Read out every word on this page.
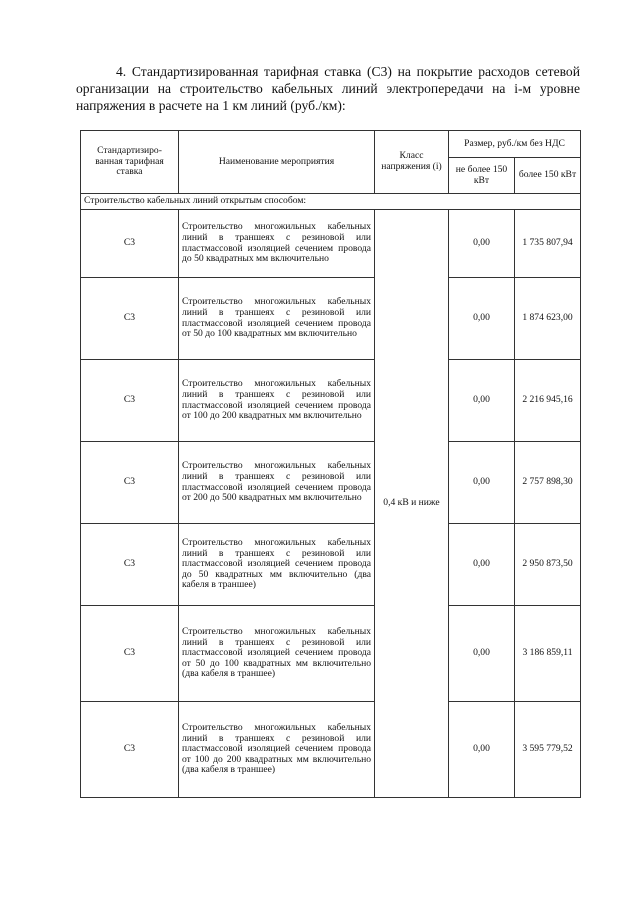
4. Стандартизированная тарифная ставка (С3) на покрытие расходов сетевой организации на строительство кабельных линий электропередачи на i-м уровне напряжения в расчете на 1 км линий (руб./км):

Стандартизиро-ванная тарифная ставка	Наименование мероприятия	Класс напряжения (i)	Размер, руб./км без НДС	
			не более 150 кВт	более 150 кВт
Строительство кабельных линий открытым способом:				
С3	Строительство многожильных кабельных линий в траншеях с резиновой или пластмассовой изоляцией сечением провода до 50 квадратных мм включительно	0,4 кВ и ниже	0,00	1 735 807,94
С3	Строительство многожильных кабельных линий в траншеях с резиновой или пластмассовой изоляцией сечением провода от 50 до 100 квадратных мм включительно		0,00	1 874 623,00
С3	Строительство многожильных кабельных линий в траншеях с резиновой или пластмассовой изоляцией сечением провода от 100 до 200 квадратных мм включительно		0,00	2 216 945,16
С3	Строительство многожильных кабельных линий в траншеях с резиновой или пластмассовой изоляцией сечением провода от 200 до 500 квадратных мм включительно		0,00	2 757 898,30
С3	Строительство многожильных кабельных линий в траншеях с резиновой или пластмассовой изоляцией сечением провода до 50 квадратных мм включительно (два кабеля в траншее)		0,00	2 950 873,50
С3	Строительство многожильных кабельных линий в траншеях с резиновой или пластмассовой изоляцией сечением провода от 50 до 100 квадратных мм включительно (два кабеля в траншее)		0,00	3 186 859,11
С3	Строительство многожильных кабельных линий в траншеях с резиновой или пластмассовой изоляцией сечением провода от 100 до 200 квадратных мм включительно (два кабеля в траншее)		0,00	3 595 779,52
